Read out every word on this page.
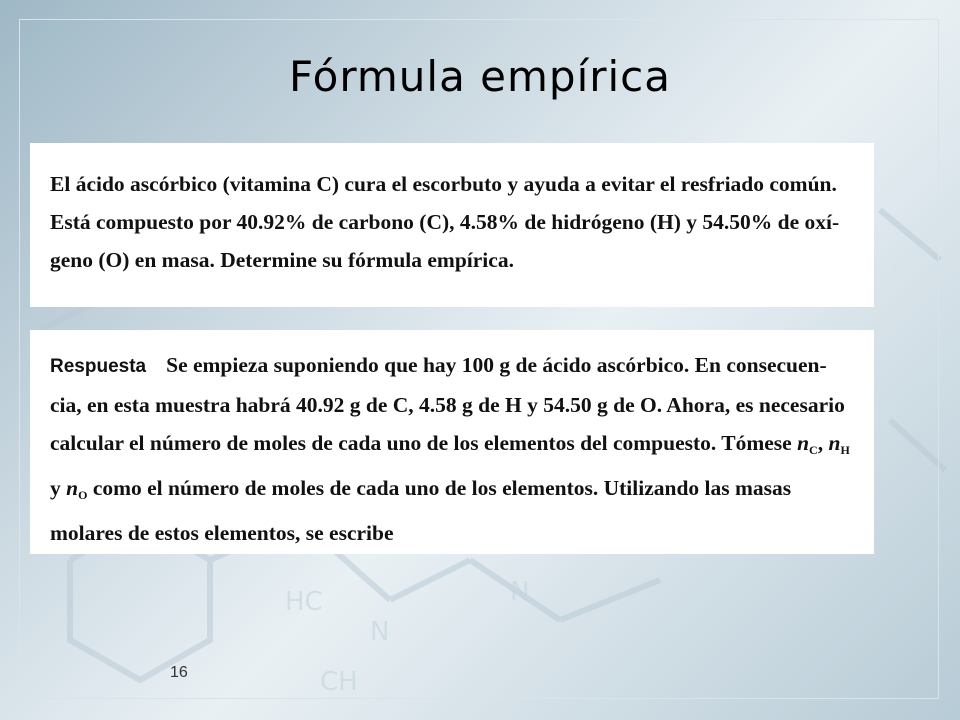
HC
N
N
CH
Fórmula empírica
El ácido ascórbico (vitamina C) cura el escorbuto y ayuda a evitar el resfriado común.
Está compuesto por 40.92% de carbono (C), 4.58% de hidrógeno (H) y 54.50% de oxí-
geno (O) en masa. Determine su fórmula empírica.
Respuesta Se empieza suponiendo que hay 100 g de ácido ascórbico. En consecuen-
cia, en esta muestra habrá 40.92 g de C, 4.58 g de H y 54.50 g de O. Ahora, es necesario
calcular el número de moles de cada uno de los elementos del compuesto. Tómese $n_C$, $n_H$
y $n_O$ como el número de moles de cada uno de los elementos. Utilizando las masas
molares de estos elementos, se escribe
16
